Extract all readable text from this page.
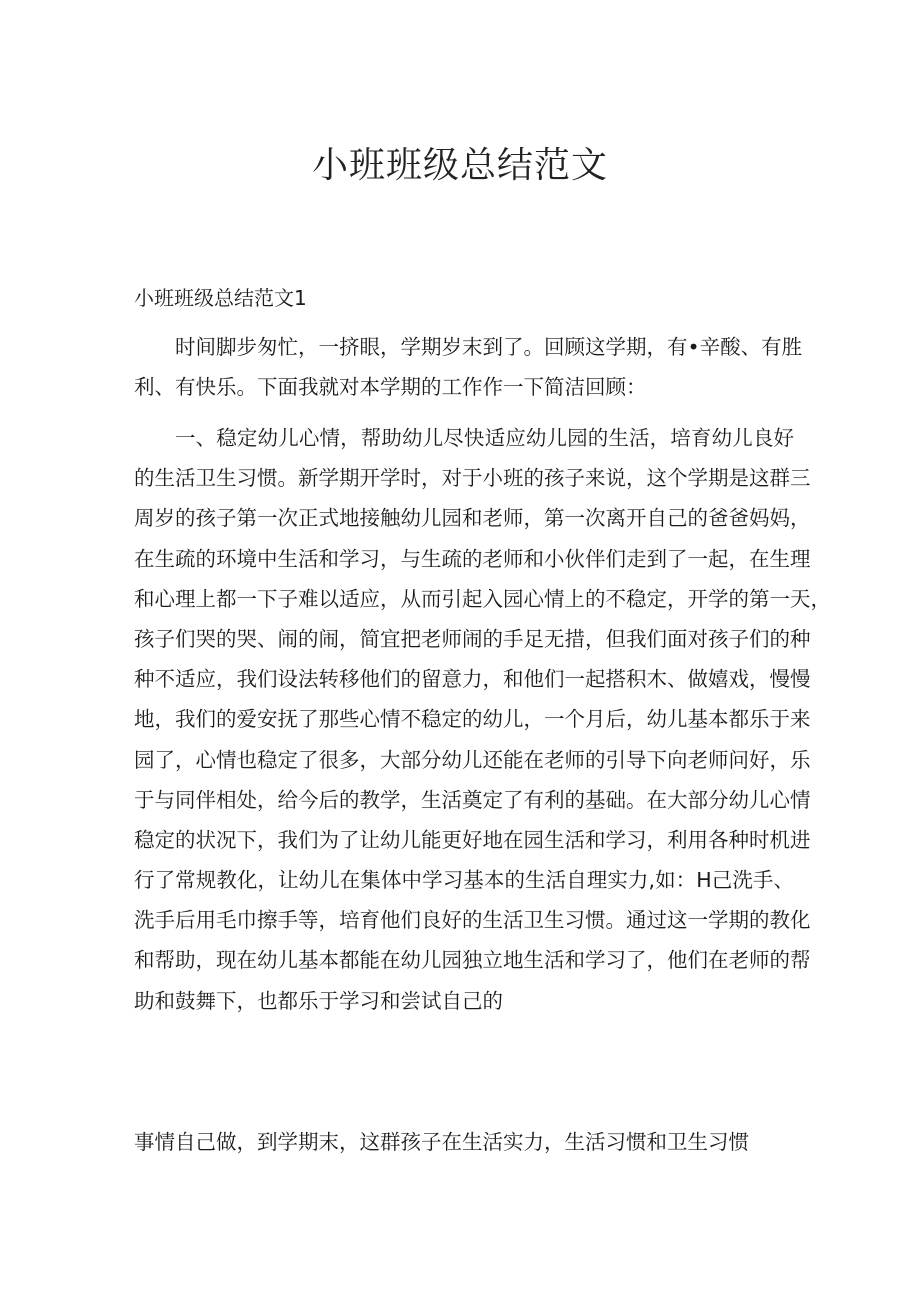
小班班级总结范文
小班班级总结范文1
时间脚步匆忙，一挤眼，学期岁末到了。回顾这学期，有•辛酸、有胜
利、有快乐。下面我就对本学期的工作作一下简洁回顾：
一、稳定幼儿心情，帮助幼儿尽快适应幼儿园的生活，培育幼儿良好
的生活卫生习惯。新学期开学时，对于小班的孩子来说，这个学期是这群三
周岁的孩子第一次正式地接触幼儿园和老师，第一次离开自己的爸爸妈妈，
在生疏的环境中生活和学习，与生疏的老师和小伙伴们走到了一起，在生理
和心理上都一下子难以适应，从而引起入园心情上的不稳定，开学的第一天，
孩子们哭的哭、闹的闹，简宜把老师闹的手足无措，但我们面对孩子们的种
种不适应，我们设法转移他们的留意力，和他们一起搭积木、做嬉戏，慢慢
地，我们的爱安抚了那些心情不稳定的幼儿，一个月后，幼儿基本都乐于来
园了，心情也稳定了很多，大部分幼儿还能在老师的引导下向老师问好，乐
于与同伴相处，给今后的教学，生活奠定了有利的基础。在大部分幼儿心情
稳定的状况下，我们为了让幼儿能更好地在园生活和学习，利用各种时机进
行了常规教化，让幼儿在集体中学习基本的生活自理实力,如：H己洗手、
洗手后用毛巾擦手等，培育他们良好的生活卫生习惯。通过这一学期的教化
和帮助，现在幼儿基本都能在幼儿园独立地生活和学习了，他们在老师的帮
助和鼓舞下，也都乐于学习和尝试自己的

事情自己做，到学期末，这群孩子在生活实力，生活习惯和卫生习惯
